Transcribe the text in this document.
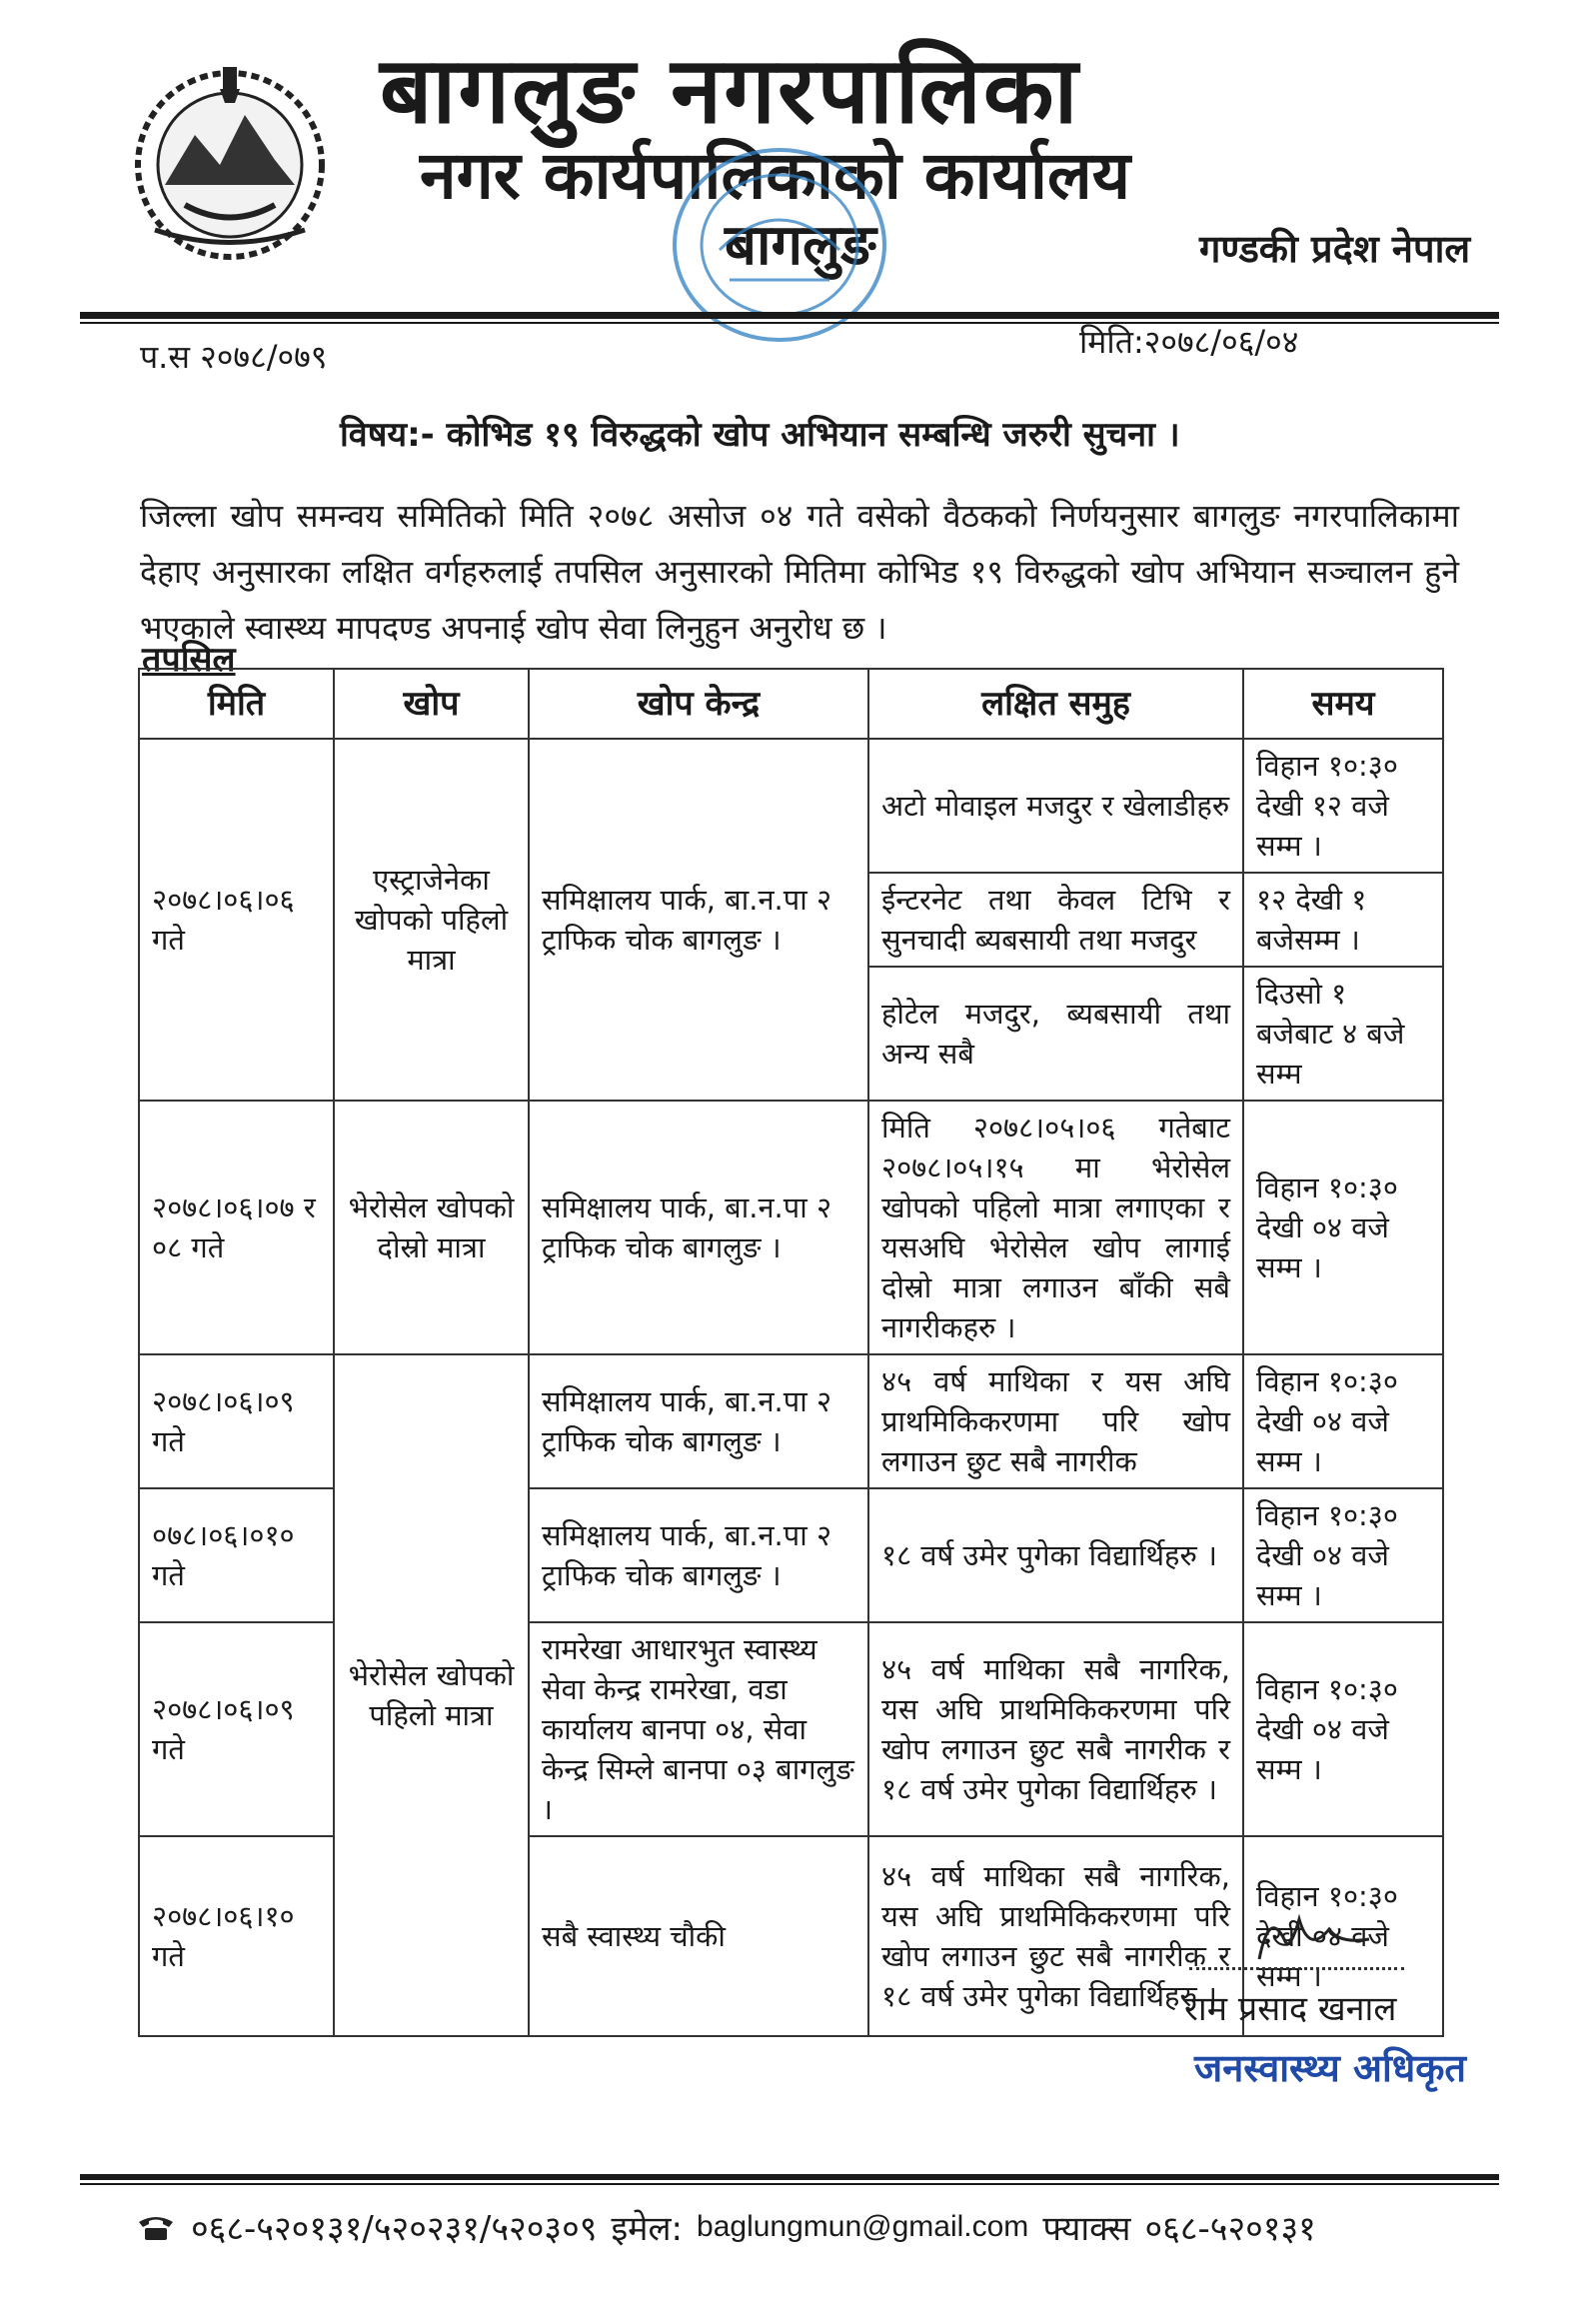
बागलुङ नगरपालिका
नगर कार्यपालिकाको कार्यालय
बागलुङ	गण्डकी प्रदेश नेपाल
प.स २०७८/०७९	मिति:२०७८/०६/०४
विषय:- कोभिड १९ विरुद्धको खोप अभियान सम्बन्धि जरुरी सुचना ।
जिल्ला खोप समन्वय समितिको मिति २०७८ असोज ०४ गते वसेको वैठकको निर्णयनुसार बागलुङ नगरपालिकामा देहाए अनुसारका लक्षित वर्गहरुलाई तपसिल अनुसारको मितिमा कोभिड १९ विरुद्धको खोप अभियान सञ्चालन हुने भएकाले स्वास्थ्य मापदण्ड अपनाई खोप सेवा लिनुहुन अनुरोध छ ।
तपसिल
मिति	खोप	खोप केन्द्र	लक्षित समुह	समय
२०७८।०६।०६ गते	एस्ट्राजेनेका खोपको पहिलो मात्रा	समिक्षालय पार्क, बा.न.पा २ ट्राफिक चोक बागलुङ ।	अटो मोवाइल मजदुर र खेलाडीहरु	विहान १०:३० देखी १२ वजे सम्म ।
			ईन्टरनेट तथा केवल टिभि र सुनचादी ब्यबसायी तथा मजदुर	१२ देखी १ बजेसम्म ।
			होटेल मजदुर, ब्यबसायी तथा अन्य सबै	दिउसो १ बजेबाट ४ बजे सम्म
२०७८।०६।०७ र ०८ गते	भेरोसेल खोपको दोस्रो मात्रा	समिक्षालय पार्क, बा.न.पा २ ट्राफिक चोक बागलुङ ।	मिति २०७८।०५।०६ गतेबाट २०७८।०५।१५ मा भेरोसेल खोपको पहिलो मात्रा लगाएका र यसअघि भेरोसेल खोप लागाई दोस्रो मात्रा लगाउन बाँकी सबै नागरीकहरु ।	विहान १०:३० देखी ०४ वजे सम्म ।
२०७८।०६।०९ गते	भेरोसेल खोपको पहिलो मात्रा	समिक्षालय पार्क, बा.न.पा २ ट्राफिक चोक बागलुङ ।	४५ वर्ष माथिका र यस अघि प्राथमिकिकरणमा परि खोप लगाउन छुट सबै नागरीक	विहान १०:३० देखी ०४ वजे सम्म ।
०७८।०६।०१० गते		समिक्षालय पार्क, बा.न.पा २ ट्राफिक चोक बागलुङ ।	१८ वर्ष उमेर पुगेका विद्यार्थिहरु ।	विहान १०:३० देखी ०४ वजे सम्म ।
२०७८।०६।०९ गते		रामरेखा आधारभुत स्वास्थ्य सेवा केन्द्र रामरेखा, वडा कार्यालय बानपा ०४, सेवा केन्द्र सिम्ले बानपा ०३ बागलुङ ।	४५ वर्ष माथिका सबै नागरिक, यस अघि प्राथमिकिकरणमा परि खोप लगाउन छुट सबै नागरीक र १८ वर्ष उमेर पुगेका विद्यार्थिहरु ।	विहान १०:३० देखी ०४ वजे सम्म ।
२०७८।०६।१० गते		सबै स्वास्थ्य चौकी	४५ वर्ष माथिका सबै नागरिक, यस अघि प्राथमिकिकरणमा परि खोप लगाउन छुट सबै नागरीक र १८ वर्ष उमेर पुगेका विद्यार्थिहरु ।	विहान १०:३० देखी ०४ वजे सम्म ।
राम प्रसाद खनाल
जनस्वास्थ्य अधिकृत
०६८-५२०१३१/५२०२३१/५२०३०९ इमेल: baglungmun@gmail.com फ्याक्स ०६८-५२०१३१
